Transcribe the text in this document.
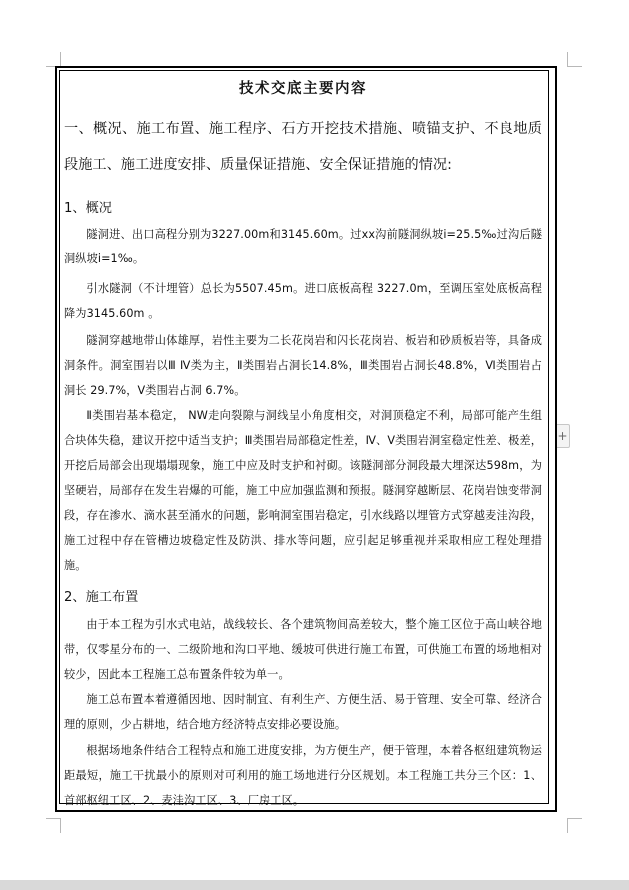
+

技术交底主要内容

一、概况、施工布置、施工程序、石方开挖技术措施、喷锚支护、不良地质段施工、施工进度安排、质量保证措施、安全保证措施的情况:

1、概况

隧洞进、出口高程分别为3227.00m和3145.60m。过xx沟前隧洞纵坡i=25.5‰过沟后隧洞纵坡i=1‰。

引水隧洞（不计埋管）总长为5507.45m。进口底板高程 3227.0m，至调压室处底板高程降为3145.60m 。

隧洞穿越地带山体雄厚，岩性主要为二长花岗岩和闪长花岗岩、板岩和砂质板岩等，具备成洞条件。洞室围岩以Ⅲ Ⅳ类为主，Ⅱ类围岩占洞长14.8%，Ⅲ类围岩占洞长48.8%，Ⅵ类围岩占洞长 29.7%，Ⅴ类围岩占洞 6.7%。

Ⅱ类围岩基本稳定， NW走向裂隙与洞线呈小角度相交，对洞顶稳定不利，局部可能产生组合块体失稳，建议开挖中适当支护；Ⅲ类围岩局部稳定性差，Ⅳ、Ⅴ类围岩洞室稳定性差、极差，开挖后局部会出现塌塌现象，施工中应及时支护和衬砌。该隧洞部分洞段最大埋深达598m，为坚硬岩，局部存在发生岩爆的可能，施工中应加强监测和预报。隧洞穿越断层、花岗岩蚀变带洞段，存在渗水、滴水甚至涌水的问题，影响洞室围岩稳定，引水线路以埋管方式穿越麦洼沟段，施工过程中存在管槽边坡稳定性及防洪、排水等问题，应引起足够重视并采取相应工程处理措施。

2、施工布置

由于本工程为引水式电站，战线较长、各个建筑物间高差较大，整个施工区位于高山峡谷地带，仅零星分布的一、二级阶地和沟口平地、缓坡可供进行施工布置，可供施工布置的场地相对较少，因此本工程施工总布置条件较为单一。

施工总布置本着遵循因地、因时制宜、有利生产、方便生活、易于管理、安全可靠、经济合理的原则，少占耕地，结合地方经济特点安排必要设施。

根据场地条件结合工程特点和施工进度安排，为方便生产，便于管理，本着各枢纽建筑物运距最短，施工干扰最小的原则对可利用的施工场地进行分区规划。本工程施工共分三个区：1、首部枢纽工区、2、麦洼沟工区、3、厂房工区。
